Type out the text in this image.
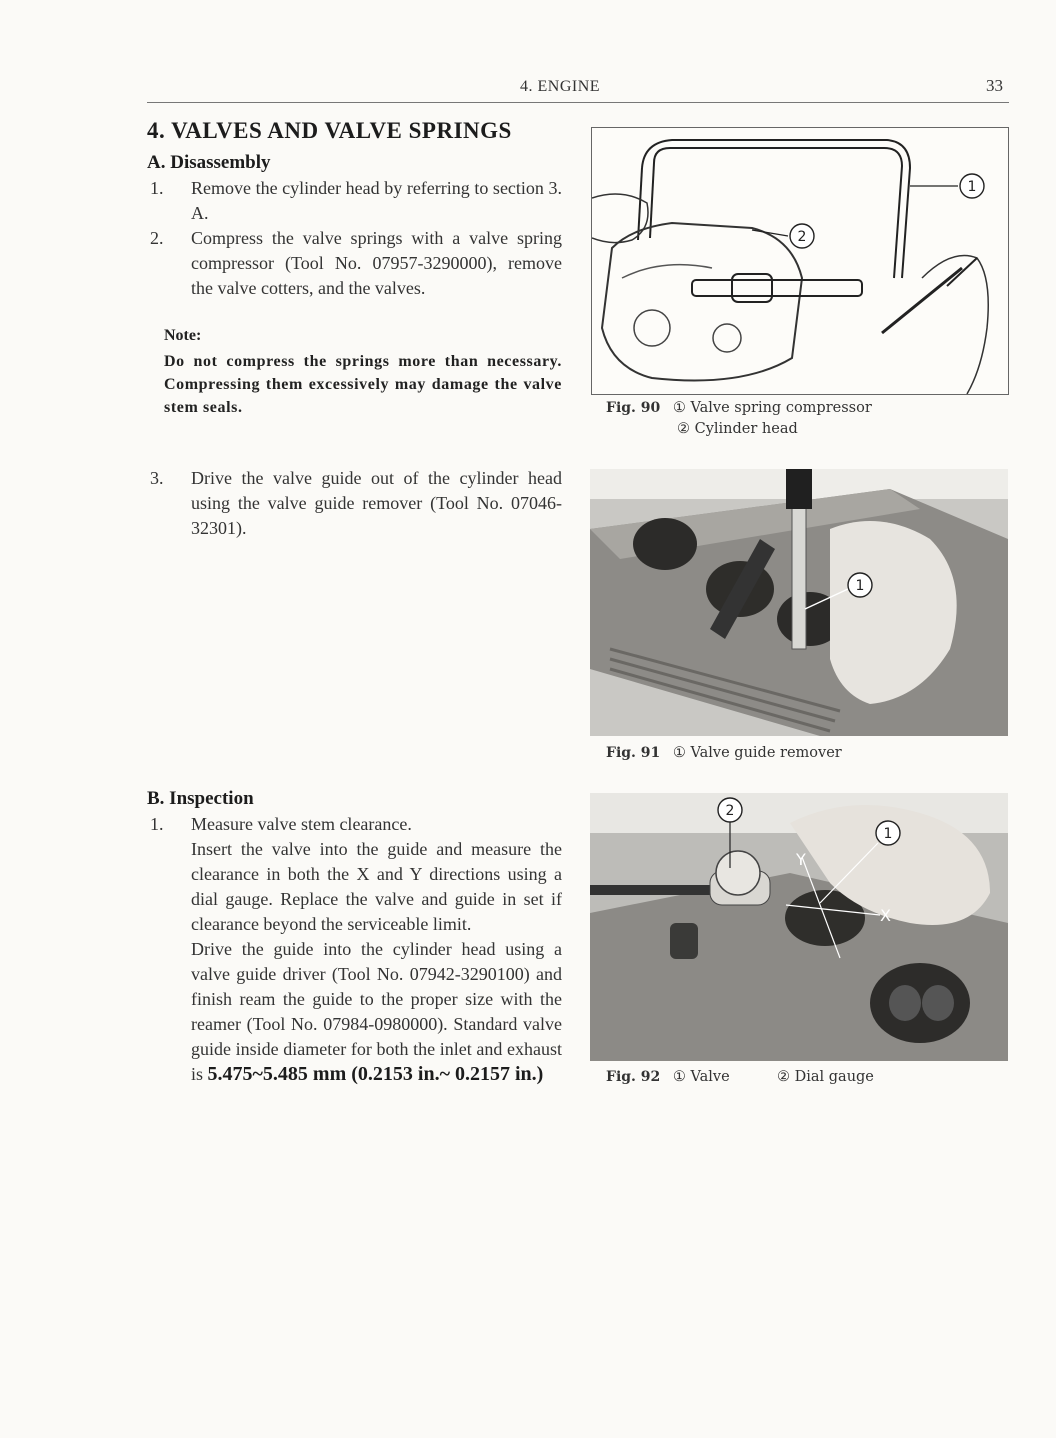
4. ENGINE	33
4. VALVES AND VALVE SPRINGS
A. Disassembly
1. Remove the cylinder head by referring to section 3. A.
2. Compress the valve springs with a valve spring compressor (Tool No. 07957-3290000), remove the valve cotters, and the valves.
Note:
Do not compress the springs more than necessary. Compressing them excessively may damage the valve stem seals.
3. Drive the valve guide out of the cylinder head using the valve guide remover (Tool No. 07046-32301).
B. Inspection
1. Measure valve stem clearance.
Insert the valve into the guide and measure the clearance in both the X and Y directions using a dial gauge. Replace the valve and guide in set if clearance beyond the serviceable limit.
Drive the guide into the cylinder head using a valve guide driver (Tool No. 07942-3290100) and finish ream the guide to the proper size with the reamer (Tool No. 07984-0980000). Standard valve guide inside diameter for both the inlet and exhaust is 5.475~5.485 mm (0.2153 in.~ 0.2157 in.)
1
2
Fig. 90 ① Valve spring compressor
② Cylinder head
1
Fig. 91 ① Valve guide remover
X
Y
2
1
Fig. 92 ① Valve	② Dial gauge
